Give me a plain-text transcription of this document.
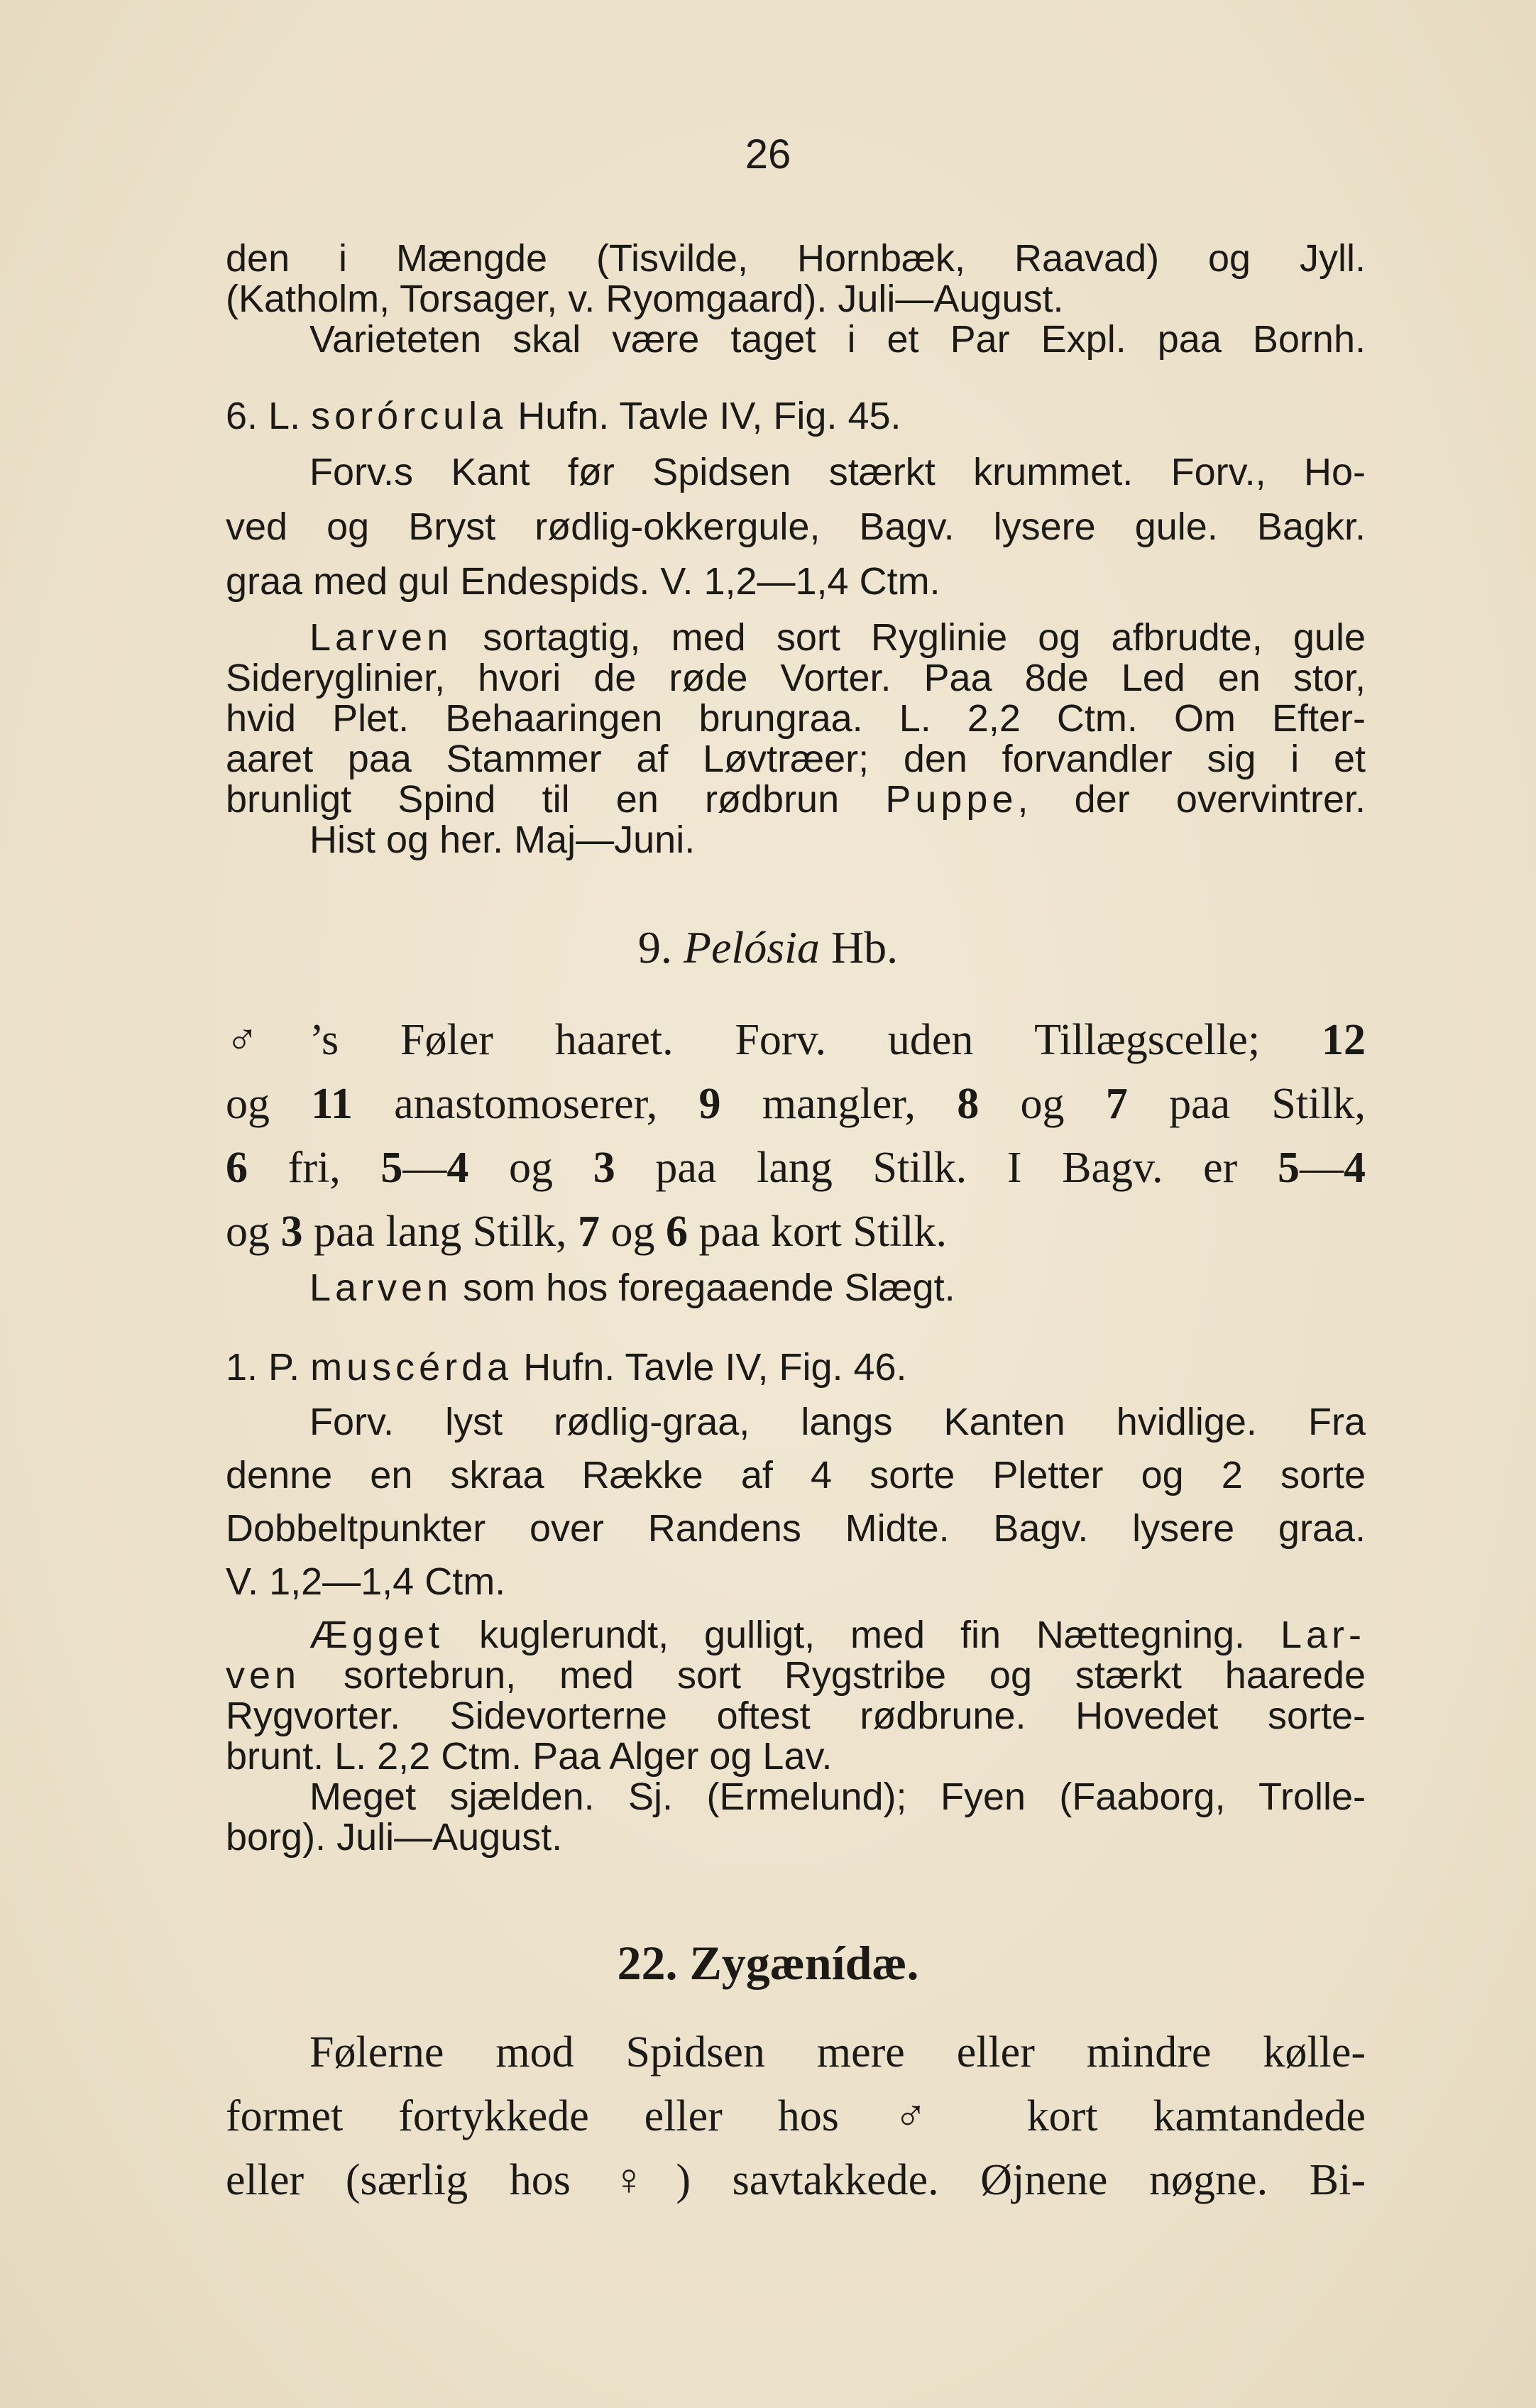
26
den i Mængde (Tisvilde, Hornbæk, Raavad) og Jyll.
(Katholm, Torsager, v. Ryomgaard). Juli—August.
Varieteten skal være taget i et Par Expl. paa Bornh.
6. L. sorórcula Hufn. Tavle IV, Fig. 45.
Forv.s Kant før Spidsen stærkt krummet. Forv., Ho-
ved og Bryst rødlig-okkergule, Bagv. lysere gule. Bagkr.
graa med gul Endespids. V. 1,2—1,4 Ctm.
Larven sortagtig, med sort Ryglinie og afbrudte, gule
Sideryglinier, hvori de røde Vorter. Paa 8de Led en stor,
hvid Plet. Behaaringen brungraa. L. 2,2 Ctm. Om Efter-
aaret paa Stammer af Løvtræer; den forvandler sig i et
brunligt Spind til en rødbrun Puppe, der overvintrer.
Hist og her. Maj—Juni.
9. Pelósia Hb.
♂’s Føler haaret. Forv. uden Tillægscelle; 12
og 11 anastomoserer, 9 mangler, 8 og 7 paa Stilk,
6 fri, 5—4 og 3 paa lang Stilk. I Bagv. er 5—4
og 3 paa lang Stilk, 7 og 6 paa kort Stilk.
Larven som hos foregaaende Slægt.
1. P. muscérda Hufn. Tavle IV, Fig. 46.
Forv. lyst rødlig-graa, langs Kanten hvidlige. Fra
denne en skraa Række af 4 sorte Pletter og 2 sorte
Dobbeltpunkter over Randens Midte. Bagv. lysere graa.
V. 1,2—1,4 Ctm.
Ægget kuglerundt, gulligt, med fin Nættegning. Lar-
ven sortebrun, med sort Rygstribe og stærkt haarede
Rygvorter. Sidevorterne oftest rødbrune. Hovedet sorte-
brunt. L. 2,2 Ctm. Paa Alger og Lav.
Meget sjælden. Sj. (Ermelund); Fyen (Faaborg, Trolle-
borg). Juli—August.
22. Zygænídæ.
Følerne mod Spidsen mere eller mindre kølle-
formet fortykkede eller hos ♂ kort kamtandede
eller (særlig hos ♀) savtakkede. Øjnene nøgne. Bi-
